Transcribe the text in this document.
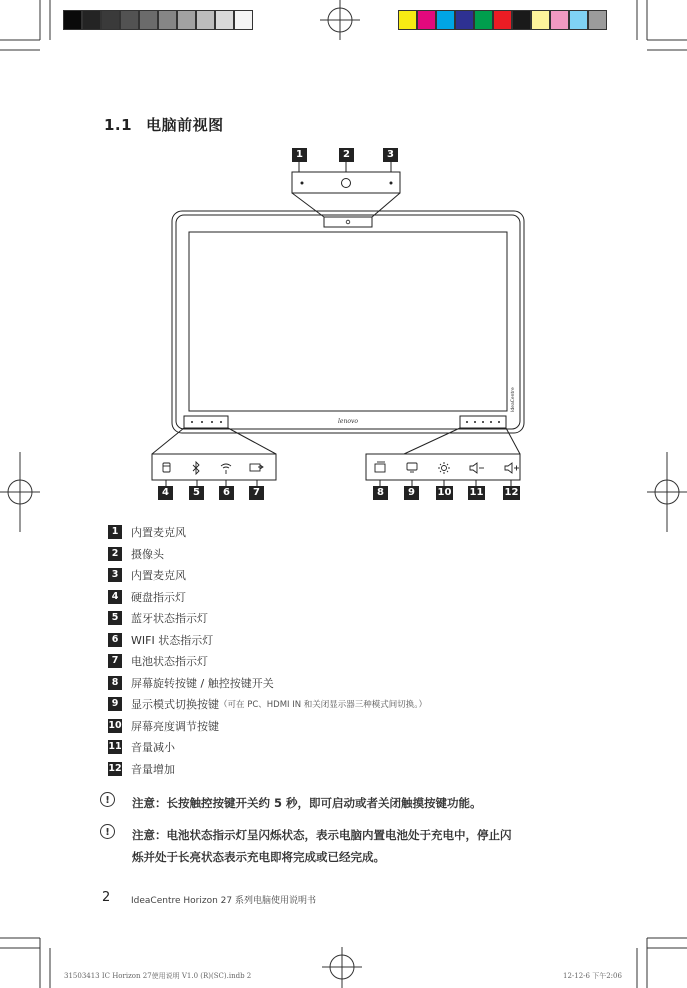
1.1 电脑前视图
1	2	3
lenovo
IdeaCentre
4	5	6	7	8	9	10 11 12
1	内置麦克风
2	摄像头
3	内置麦克风
4	硬盘指示灯
5	蓝牙状态指示灯
6	WIFI 状态指示灯
7	电池状态指示灯
8	屏幕旋转按键 / 触控按键开关
9	显示模式切换按键 （可在 PC、HDMI IN 和关闭显示器三种模式间切换。）
10 屏幕亮度调节按键
11 音量减小
12 音量增加
!	注意：长按触控按键开关约 5 秒，即可启动或者关闭触摸按键功能。
!	注意：电池状态指示灯呈闪烁状态，表示电脑内置电池处于充电中，停止闪
烁并处于长亮状态表示充电即将完成或已经完成。
2 IdeaCentre Horizon 27 系列电脑使用说明书
31503413 IC Horizon 27使用说明 V1.0 (R)(SC).indb 2	12-12-6 下午2:06
